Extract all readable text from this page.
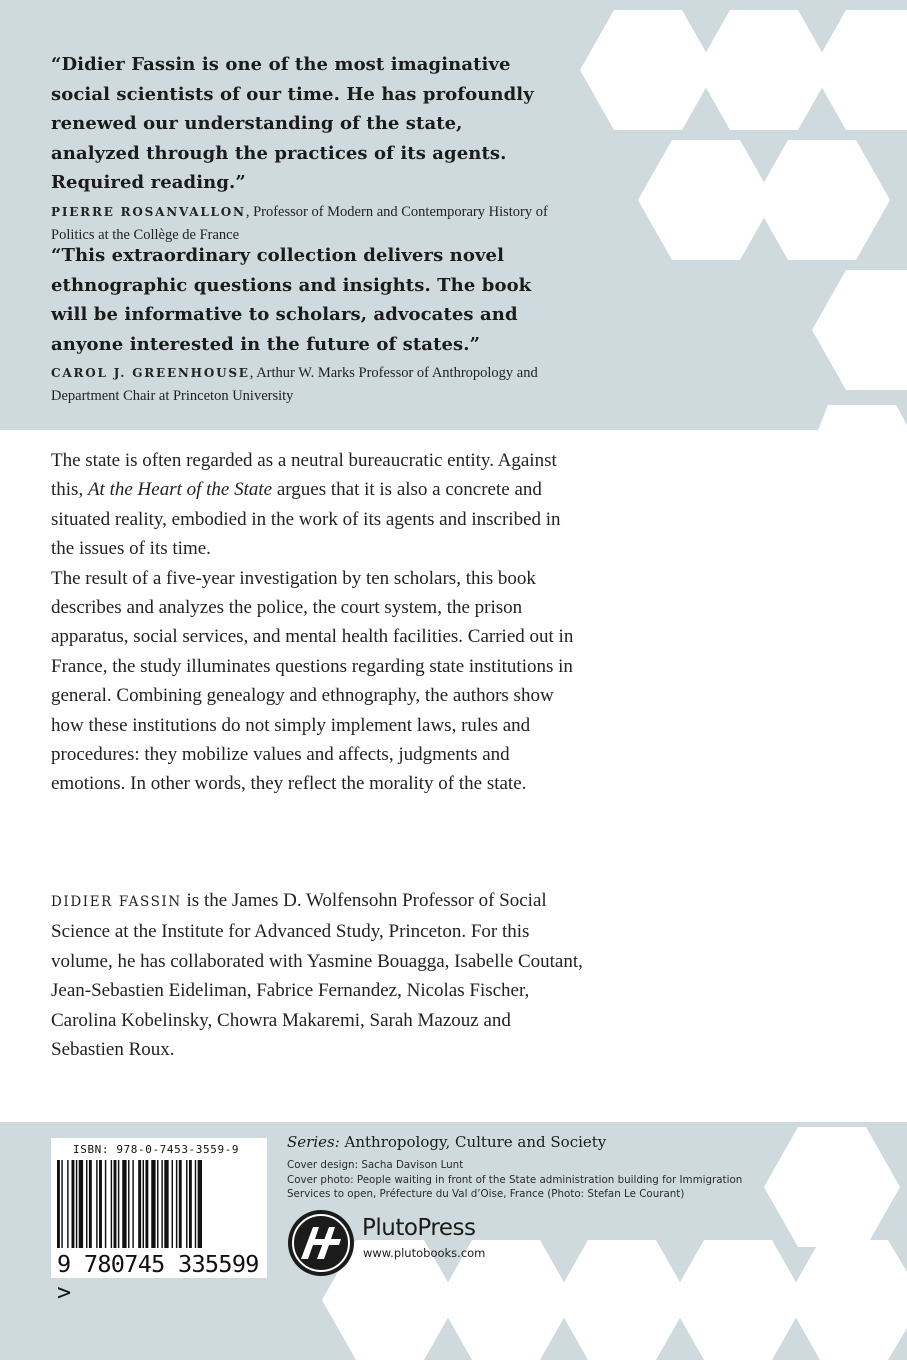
“Didier Fassin is one of the most imaginative social scientists of our time. He has profoundly renewed our understanding of the state, analyzed through the practices of its agents. Required reading.”
PIERRE ROSANVALLON, Professor of Modern and Contemporary History of Politics at the Collège de France
“This extraordinary collection delivers novel ethnographic questions and insights. The book will be informative to scholars, advocates and anyone interested in the future of states.”
CAROL J. GREENHOUSE, Arthur W. Marks Professor of Anthropology and Department Chair at Princeton University
The state is often regarded as a neutral bureaucratic entity. Against this, At the Heart of the State argues that it is also a concrete and situated reality, embodied in the work of its agents and inscribed in the issues of its time.
The result of a five-year investigation by ten scholars, this book describes and analyzes the police, the court system, the prison apparatus, social services, and mental health facilities. Carried out in France, the study illuminates questions regarding state institutions in general. Combining genealogy and ethnography, the authors show how these institutions do not simply implement laws, rules and procedures: they mobilize values and affects, judgments and emotions. In other words, they reflect the morality of the state.
DIDIER FASSIN is the James D. Wolfensohn Professor of Social Science at the Institute for Advanced Study, Princeton. For this volume, he has collaborated with Yasmine Bouagga, Isabelle Coutant, Jean-Sebastien Eideliman, Fabrice Fernandez, Nicolas Fischer, Carolina Kobelinsky, Chowra Makaremi, Sarah Mazouz and Sebastien Roux.
ISBN: 978-0-7453-3559-9
9 780745 335599 >
Series: Anthropology, Culture and Society
Cover design: Sacha Davison Lunt
Cover photo: People waiting in front of the State administration building for Immigration Services to open, Préfecture du Val d’Oise, France (Photo: Stefan Le Courant)
PlutoPress
www.plutobooks.com
